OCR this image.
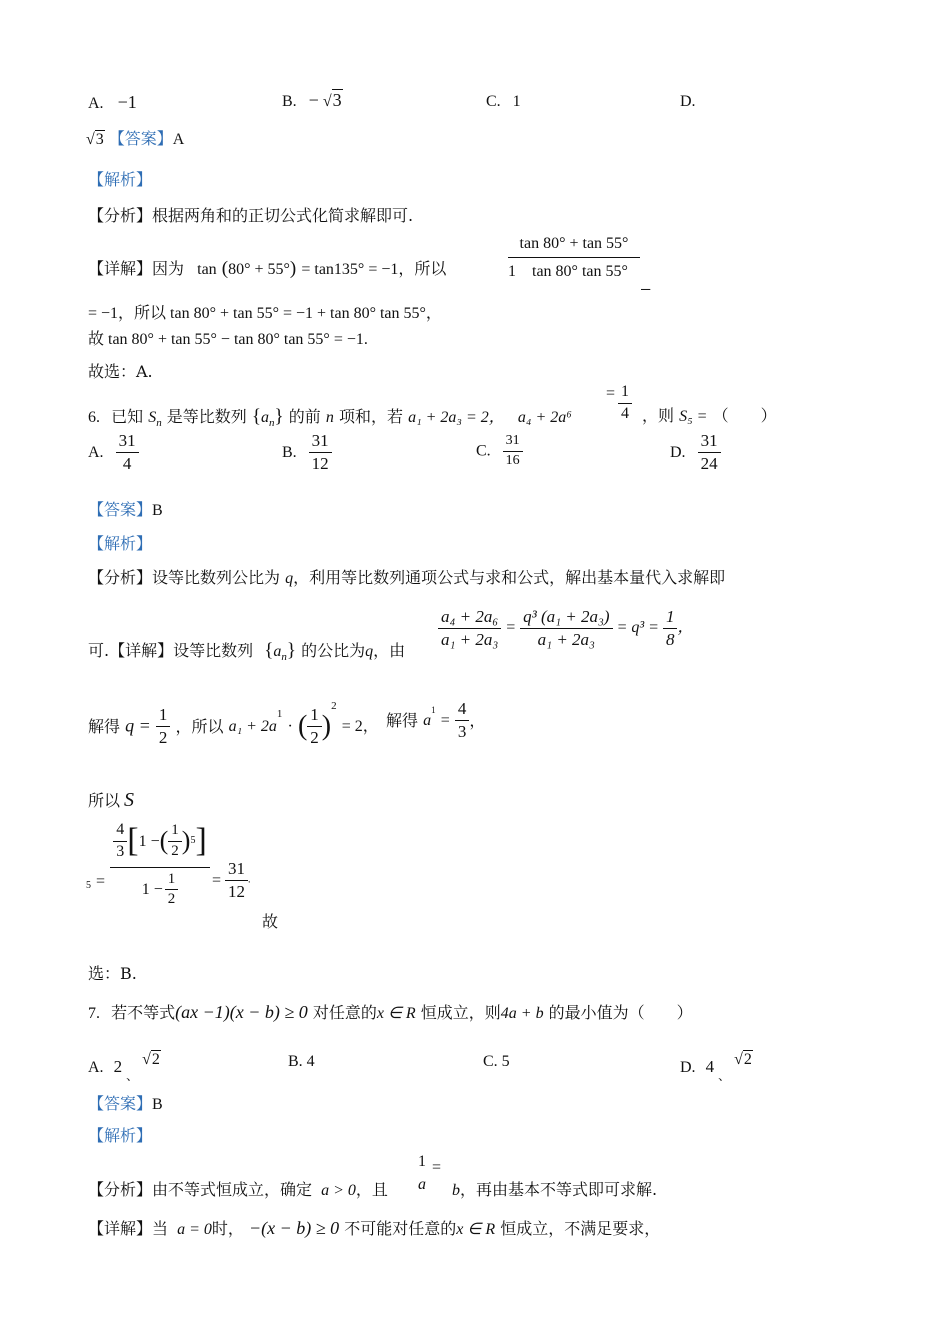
A. −1	B. − √3	C. 1	D.
√3 【答案】A
【解析】
【分析】根据两角和的正切公式化简求解即可.
【详解】因为 tan (80° + 55°) = tan135° = −1，所以	$\frac{\tan 80^\circ + \tan 55^\circ}{1 \tan 80^\circ \tan 55^\circ}$
−
= −1，所以 tan 80° + tan 55° = −1 + tan 80° tan 55°，
故 tan 80° + tan 55° − tan 80° tan 55° = −1.
故选：A.
6. 已知 $S_n$ 是等比数列 $\{a_n\}$ 的前 n 项和，若 a₁ + 2a₃ = 2， a₄ + 2a⁶
= $\frac{1}{4}$ ，则 S₅ = （　　）
A. $\frac{31}{4}$	B. $\frac{31}{12}$	C. $\frac{31}{16}$	D. $\frac{31}{24}$
【答案】B
【解析】
【分析】设等比数列公比为 q，利用等比数列通项公式与求和公式，解出基本量代入求解即
可.【详解】设等比数列 $\{a_n\}$ 的公比为q，由
$\frac{\text{a₄ + 2a₆}}{\text{a₁ + 2a₃}} = \frac{\text{q³ (a₁ + 2a₃)}}{\text{a₁ + 2a₃}} = q^3 = \frac{1}{8}$ ，
解得 $q = \frac{1}{2}$ ，所以 $a_1 + 2a^1$ · ( $\frac{1}{2} )^2 = 2$， 解得 $a^1 = \frac{4}{3}$ ，
所以 S
5 =
$\frac{4}{3}$ [ 1 − ( $\frac{1}{2}$ ) 5 ]
$1 - \frac{1}{2} = \frac{31}{12}$ .
故
选：B.
7. 若不等式(ax −1)(x − b) ≥ 0 对任意的x ∈ R 恒成立，则4a + b 的最小值为（　　）
A. 2 $_、$ √2	B. 4	C. 5	D. 4 $_、$ √2
【答案】B
【解析】
【分析】由不等式恒成立，确定 a > 0，且
1
a
=
b，再由基本不等式即可求解.
【详解】当 a = 0时， −(x − b) ≥ 0 不可能对任意的x ∈ R 恒成立，不满足要求，
